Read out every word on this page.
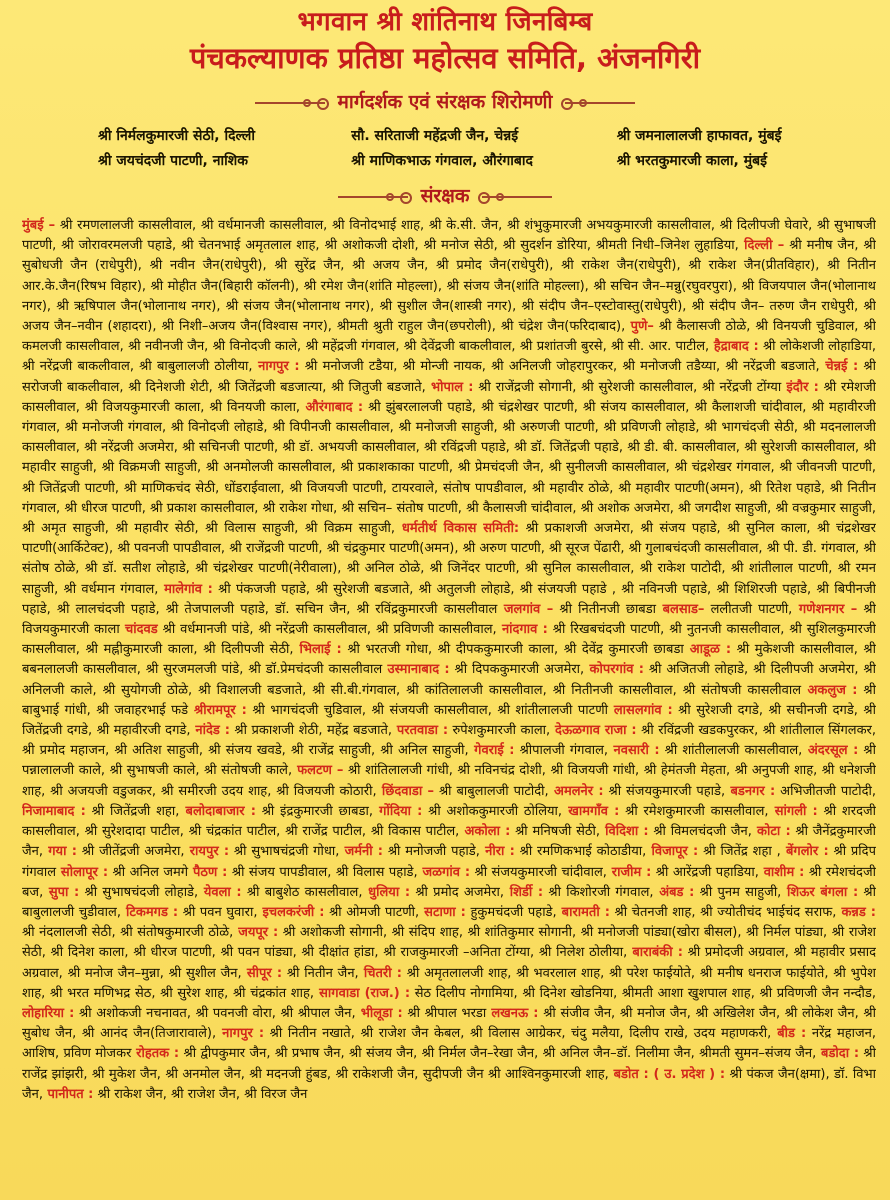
भगवान श्री शांतिनाथ जिनबिम्ब
पंचकल्याणक प्रतिष्ठा महोत्सव समिति, अंजनगिरी
मार्गदर्शक एवं संरक्षक शिरोमणी
श्री निर्मलकुमारजी सेठी, दिल्ली	सौ. सरिताजी महेंद्रजी जैन, चेन्नई	श्री जमनालालजी हाफावत, मुंबई
श्री जयचंदजी पाटणी, नाशिक	श्री माणिकभाऊ गंगवाल, औरंगाबाद	श्री भरतकुमारजी काला, मुंबई
संरक्षक
मुंबई – श्री रमणलालजी कासलीवाल, श्री वर्धमानजी कासलीवाल, श्री विनोदभाई शाह, श्री के.सी. जैन, श्री शंभुकुमारजी अभयकुमारजी कासलीवाल, श्री दिलीपजी घेवारे, श्री सुभाषजी पाटणी, श्री जोरावरमलजी पहाडे, श्री चेतनभाई अमृतलाल शाह, श्री अशोकजी दोशी, श्री मनोज सेठी, श्री सुदर्शन डोरिया, श्रीमती निधी–जिनेश लुहाडिया, दिल्ली – श्री मनीष जैन, श्री सुबोधजी जैन (राधेपुरी), श्री नवीन जैन(राधेपुरी), श्री सुरेंद्र जैन, श्री अजय जैन, श्री प्रमोद जैन(राधेपुरी), श्री राकेश जैन(राधेपुरी), श्री राकेश जैन(प्रीतविहार), श्री नितीन आर.के.जैन(रिषभ विहार), श्री मोहीत जैन(बिहारी कॉलनी), श्री रमेश जैन(शांति मोहल्ला), श्री संजय जैन(शांति मोहल्ला), श्री सचिन जैन–मन्नु(रघुवरपुरा), श्री विजयपाल जैन(भोलानाथ नगर), श्री ऋषिपाल जैन(भोलानाथ नगर), श्री संजय जैन(भोलानाथ नगर), श्री सुशील जैन(शास्त्री नगर), श्री संदीप जैन–एस्टोवास्तु(राधेपुरी), श्री संदीप जैन– तरुण जैन राधेपुरी, श्री अजय जैन–नवीन (शहादरा), श्री निशी–अजय जैन(विश्वास नगर), श्रीमती श्रुती राहुल जैन(छपरोली), श्री चंद्रेश जैन(फरिदाबाद), पुणे– श्री कैलासजी ठोळे, श्री विनयजी चुडिवाल, श्री कमलजी कासलीवाल, श्री नवीनजी जैन, श्री विनोदजी काले, श्री महेंद्रजी गंगवाल, श्री देवेंद्रजी बाकलीवाल, श्री प्रशांतजी बुरसे, श्री सी. आर. पाटील, हैद्राबाद : श्री लोकेशजी लोहाडिया, श्री नरेंद्रजी बाकलीवाल, श्री बाबुलालजी ठोलीया, नागपुर : श्री मनोजजी टडैया, श्री मोन्जी नायक, श्री अनिलजी जोहरापुरकर, श्री मनोजजी तडैय्या, श्री नरेंद्रजी बडजाते, चेन्नई : श्री सरोजजी बाकलीवाल, श्री दिनेशजी शेटी, श्री जितेंद्रजी बडजात्या, श्री जितुजी बडजाते, भोपाल : श्री राजेंद्रजी सोगानी, श्री सुरेशजी कासलीवाल, श्री नरेंद्रजी टोंग्या इंदौर : श्री रमेशजी कासलीवाल, श्री विजयकुमारजी काला, श्री विनयजी काला, औरंगाबाद : श्री झुंबरलालजी पहाडे, श्री चंद्रशेखर पाटणी, श्री संजय कासलीवाल, श्री कैलाशजी चांदीवाल, श्री महावीरजी गंगवाल, श्री मनोजजी गंगवाल, श्री विनोदजी लोहाडे, श्री विपीनजी कासलीवाल, श्री मनोजजी साहुजी, श्री अरुणजी पाटणी, श्री प्रविणजी लोहाडे, श्री भागचंदजी सेठी, श्री मदनलालजी कासलीवाल, श्री नरेंद्रजी अजमेरा, श्री सचिनजी पाटणी, श्री डॉ. अभयजी कासलीवाल, श्री रविंद्रजी पहाडे, श्री डॉ. जितेंद्रजी पहाडे, श्री डी. बी. कासलीवाल, श्री सुरेशजी कासलीवाल, श्री महावीर साहुजी, श्री विक्रमजी साहुजी, श्री अनमोलजी कासलीवाल, श्री प्रकाशकाका पाटणी, श्री प्रेमचंदजी जैन, श्री सुनीलजी कासलीवाल, श्री चंद्रशेखर गंगवाल, श्री जीवनजी पाटणी, श्री जितेंद्रजी पाटणी, श्री माणिकचंद सेठी, धोंडराईवाला, श्री विजयजी पाटणी, टायरवाले, संतोष पापडीवाल, श्री महावीर ठोळे, श्री महावीर पाटणी(अमन), श्री रितेश पहाडे, श्री नितीन गंगवाल, श्री धीरज पाटणी, श्री प्रकाश कासलीवाल, श्री राकेश गोधा, श्री सचिन– संतोष पाटणी, श्री कैलासजी चांदीवाल, श्री अशोक अजमेरा, श्री जगदीश साहुजी, श्री वज्रकुमार साहुजी, श्री अमृत साहुजी, श्री महावीर सेठी, श्री विलास साहुजी, श्री विक्रम साहुजी, धर्मतीर्थ विकास समिती: श्री प्रकाशजी अजमेरा, श्री संजय पहाडे, श्री सुनिल काला, श्री चंद्रशेखर पाटणी(आर्किटेक्ट), श्री पवनजी पापडीवाल, श्री राजेंद्रजी पाटणी, श्री चंद्रकुमार पाटणी(अमन), श्री अरुण पाटणी, श्री सूरज पेंढारी, श्री गुलाबचंदजी कासलीवाल, श्री पी. डी. गंगवाल, श्री संतोष ठोळे, श्री डॉ. सतीश लोहाडे, श्री चंद्रशेखर पाटणी(नेरीवाला), श्री अनिल ठोळे, श्री जिनेंदर पाटणी, श्री सुनिल कासलीवाल, श्री राकेश पाटोदी, श्री शांतीलाल पाटणी, श्री रमन साहुजी, श्री वर्धमान गंगवाल, मालेगांव : श्री पंकजजी पहाडे, श्री सुरेशजी बडजाते, श्री अतुलजी लोहाडे, श्री संजयजी पहाडे , श्री नविनजी पहाडे, श्री शिशिरजी पहाडे, श्री बिपीनजी पहाडे, श्री लालचंदजी पहाडे, श्री तेजपालजी पहाडे, डॉ. सचिन जैन, श्री रविंद्रकुमारजी कासलीवाल जलगांव – श्री नितीनजी छाबडा बलसाड– ललीतजी पाटणी, गणेशनगर – श्री विजयकुमारजी काला चांदवड श्री वर्धमानजी पांडे, श्री नरेंद्रजी कासलीवाल, श्री प्रविणजी कासलीवाल, नांदगाव : श्री रिखबचंदजी पाटणी, श्री नुतनजी कासलीवाल, श्री सुशिलकुमारजी कासलीवाल, श्री मह्नीकुमारजी काला, श्री दिलीपजी सेठी, भिलाई : श्री भरतजी गोधा, श्री दीपककुमारजी काला, श्री देवेंद्र कुमारजी छाबडा आडूळ : श्री मुकेशजी कासलीवाल, श्री बबनलालजी कासलीवाल, श्री सुरजमलजी पांडे, श्री डॉ.प्रेमचंदजी कासलीवाल उस्मानाबाद : श्री दिपककुमारजी अजमेरा, कोपरगांव : श्री अजितजी लोहाडे, श्री दिलीपजी अजमेरा, श्री अनिलजी काले, श्री सुयोगजी ठोळे, श्री विशालजी बडजाते, श्री सी.बी.गंगवाल, श्री कांतिलालजी कासलीवाल, श्री नितीनजी कासलीवाल, श्री संतोषजी कासलीवाल अकलुज : श्री बाबुभाई गांधी, श्री जवाहरभाई फडे श्रीरामपूर : श्री भागचंदजी चुडिवाल, श्री संजयजी कासलीवाल, श्री शांतीलालजी पाटणी लासलगांव : श्री सुरेशजी दगडे, श्री सचीनजी दगडे, श्री जितेंद्रजी दगडे, श्री महावीरजी दगडे, नांदेड : श्री प्रकाशजी शेठी, महेंद्र बडजाते, परतवाडा : रुपेशकुमारजी काला, देऊळगाव राजा : श्री रविंद्रजी खडकपुरकर, श्री शांतीलाल सिंगलकर, श्री प्रमोद महाजन, श्री अतिश साहुजी, श्री संजय खवडे, श्री राजेंद्र साहुजी, श्री अनिल साहुजी, गेवराई : श्रीपालजी गंगवाल, नवसारी : श्री शांतीलालजी कासलीवाल, अंदरसूल : श्री पन्नालालजी काले, श्री सुभाषजी काले, श्री संतोषजी काले, फलटण – श्री शांतिलालजी गांधी, श्री नविनचंद्र दोशी, श्री विजयजी गांधी, श्री हेमंतजी मेहता, श्री अनुपजी शाह, श्री धनेशजी शाह, श्री अजयजी वडुजकर, श्री समीरजी उदय शाह, श्री विजयजी कोठारी, छिंदवाडा – श्री बाबुलालजी पाटोदी, अमलनेर : श्री संजयकुमारजी पहाडे, बडनगर : अभिजीतजी पाटोदी, निजामाबाद : श्री जितेंद्रजी शहा, बलोदाबाजार : श्री इंद्रकुमारजी छाबडा, गोंदिया : श्री अशोककुमारजी ठोलिया, खामगाँव : श्री रमेशकुमारजी कासलीवाल, सांगली : श्री शरदजी कासलीवाल, श्री सुरेशदादा पाटील, श्री चंद्रकांत पाटील, श्री राजेंद्र पाटील, श्री विकास पाटील, अकोला : श्री मनिषजी सेठी, विदिशा : श्री विमलचंदजी जैन, कोटा : श्री जैनेंद्रकुमारजी जैन, गया : श्री जीतेंद्रजी अजमेरा, रायपुर : श्री सुभाषचंद्रजी गोधा, जर्मनी : श्री मनोजजी पहाडे, नीरा : श्री रमणिकभाई कोठाडीया, विजापूर : श्री जितेंद्र शहा , बेंगलोर : श्री प्रदिप गंगवाल सोलापूर : श्री अनिल जमगे पैठण : श्री संजय पापडीवाल, श्री विलास पहाडे, जळगांव : श्री संजयकुमारजी चांदीवाल, राजीम : श्री आरेंद्रजी पहाडिया, वाशीम : श्री रमेशचंदजी बज, सुपा : श्री सुभाषचंदजी लोहाडे, येवला : श्री बाबुशेठ कासलीवाल, धुलिया : श्री प्रमोद अजमेरा, शिर्डी : श्री किशोरजी गंगवाल, अंबड : श्री पुनम साहुजी, शिऊर बंगला : श्री बाबुलालजी चुडीवाल, टिकमगड : श्री पवन घुवारा, इचलकरंजी : श्री ओमजी पाटणी, सटाणा : हुकुमचंदजी पहाडे, बारामती : श्री चेतनजी शाह, श्री ज्योतीचंद भाईचंद सराफ, कन्नड : श्री नंदलालजी सेठी, श्री संतोषकुमारजी ठोळे, जयपूर : श्री अशोकजी सोगानी, श्री संदिप शाह, श्री शांतिकुमार सोगानी, श्री मनोजजी पांड्या(खोरा बीसल), श्री निर्मल पांड्या, श्री राजेश सेठी, श्री दिनेश काला, श्री धीरज पाटणी, श्री पवन पांड्या, श्री दीक्षांत हांडा, श्री राजकुमारजी –अनिता टोंग्या, श्री निलेश ठोलीया, बाराबंकी : श्री प्रमोदजी अग्रवाल, श्री महावीर प्रसाद अग्रवाल, श्री मनोज जैन–मुन्ना, श्री सुशील जैन, सीपूर : श्री नितीन जैन, चितरी : श्री अमृतलालजी शाह, श्री भवरलाल शाह, श्री परेश फाईयोते, श्री मनीष धनराज फाईयोते, श्री भुपेश शाह, श्री भरत मणिभद्र सेठ, श्री सुरेश शाह, श्री चंद्रकांत शाह, सागवाडा (राज.) : सेठ दिलीप नोगामिया, श्री दिनेश खोडनिया, श्रीमती आशा खुशपाल शाह, श्री प्रविणजी जैन नन्दौड, लोहारिया : श्री अशोकजी नचनावत, श्री पवनजी वोरा, श्री श्रीपाल जैन, भीलूडा : श्री श्रीपाल भरडा लखनऊ : श्री संजीव जैन, श्री मनोज जैन, श्री अखिलेश जैन, श्री लोकेश जैन, श्री सुबोध जैन, श्री आनंद जैन(तिजारावाले), नागपुर : श्री नितीन नखाते, श्री राजेश जैन केबल, श्री विलास आग्रेकर, चंदु मलैया, दिलीप राखे, उदय महाणकरी, बीड : नरेंद्र महाजन, आशिष, प्रविण मोजकर रोहतक : श्री द्वीपकुमार जैन, श्री प्रभाष जैन, श्री संजय जैन, श्री निर्मल जैन–रेखा जैन, श्री अनिल जैन–डॉ. निलीमा जैन, श्रीमती सुमन–संजय जैन, बडोदा : श्री राजेंद्र झांझरी, श्री मुकेश जैन, श्री अनमोल जैन, श्री मदनजी हुंबड, श्री राकेशजी जैन, सुदीपजी जैन श्री आश्विनकुमारजी शाह, बडोत : ( उ. प्रदेश ) : श्री पंकज जैन(क्षमा), डॉ. विभा जैन, पानीपत : श्री राकेश जैन, श्री राजेश जैन, श्री विरज जैन
